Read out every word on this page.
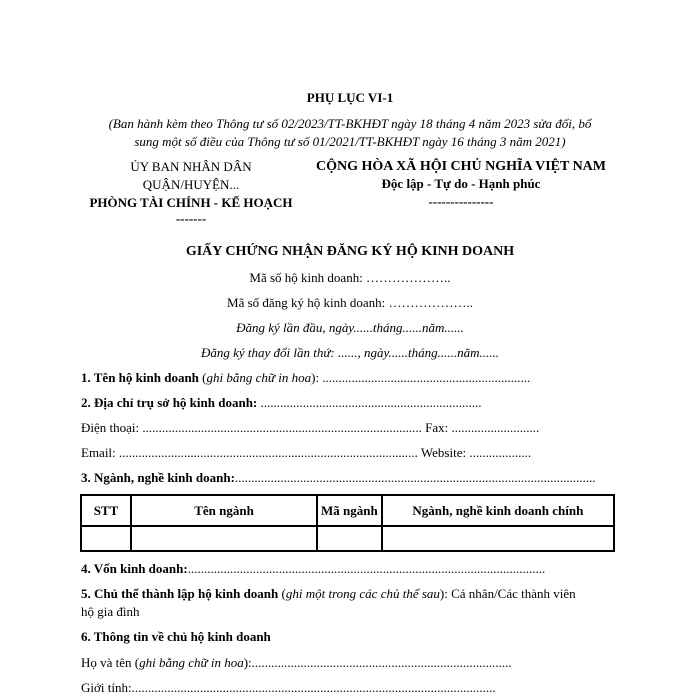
PHỤ LỤC VI-1
(Ban hành kèm theo Thông tư số 02/2023/TT-BKHĐT ngày 18 tháng 4 năm 2023 sửa đổi, bổ
sung một số điều của Thông tư số 01/2021/TT-BKHĐT ngày 16 tháng 3 năm 2021)
ỦY BAN NHÂN DÂN
QUẬN/HUYỆN...
PHÒNG TÀI CHÍNH - KẾ HOẠCH
-------
CỘNG HÒA XÃ HỘI CHỦ NGHĨA VIỆT NAM
Độc lập - Tự do - Hạnh phúc
---------------
GIẤY CHỨNG NHẬN ĐĂNG KÝ HỘ KINH DOANH
Mã số hộ kinh doanh: ………………..
Mã số đăng ký hộ kinh doanh: ………………..
Đăng ký lần đầu, ngày......tháng......năm......
Đăng ký thay đổi lần thứ: ......, ngày......tháng......năm......
1. Tên hộ kinh doanh (ghi bằng chữ in hoa): ................................................................
2. Địa chỉ trụ sở hộ kinh doanh: ....................................................................
Điện thoại: ...................................................................................... Fax: ...........................
Email: ............................................................................................ Website: ...................
3. Ngành, nghề kinh doanh:...............................................................................................................
STT	Tên ngành	Mã ngành	Ngành, nghề kinh doanh chính

4. Vốn kinh doanh:..............................................................................................................
5. Chủ thể thành lập hộ kinh doanh (ghi một trong các chủ thể sau): Cá nhân/Các thành viên
hộ gia đình
6. Thông tin về chủ hộ kinh doanh
Họ và tên (ghi bằng chữ in hoa):................................................................................
Giới tính:................................................................................................................
